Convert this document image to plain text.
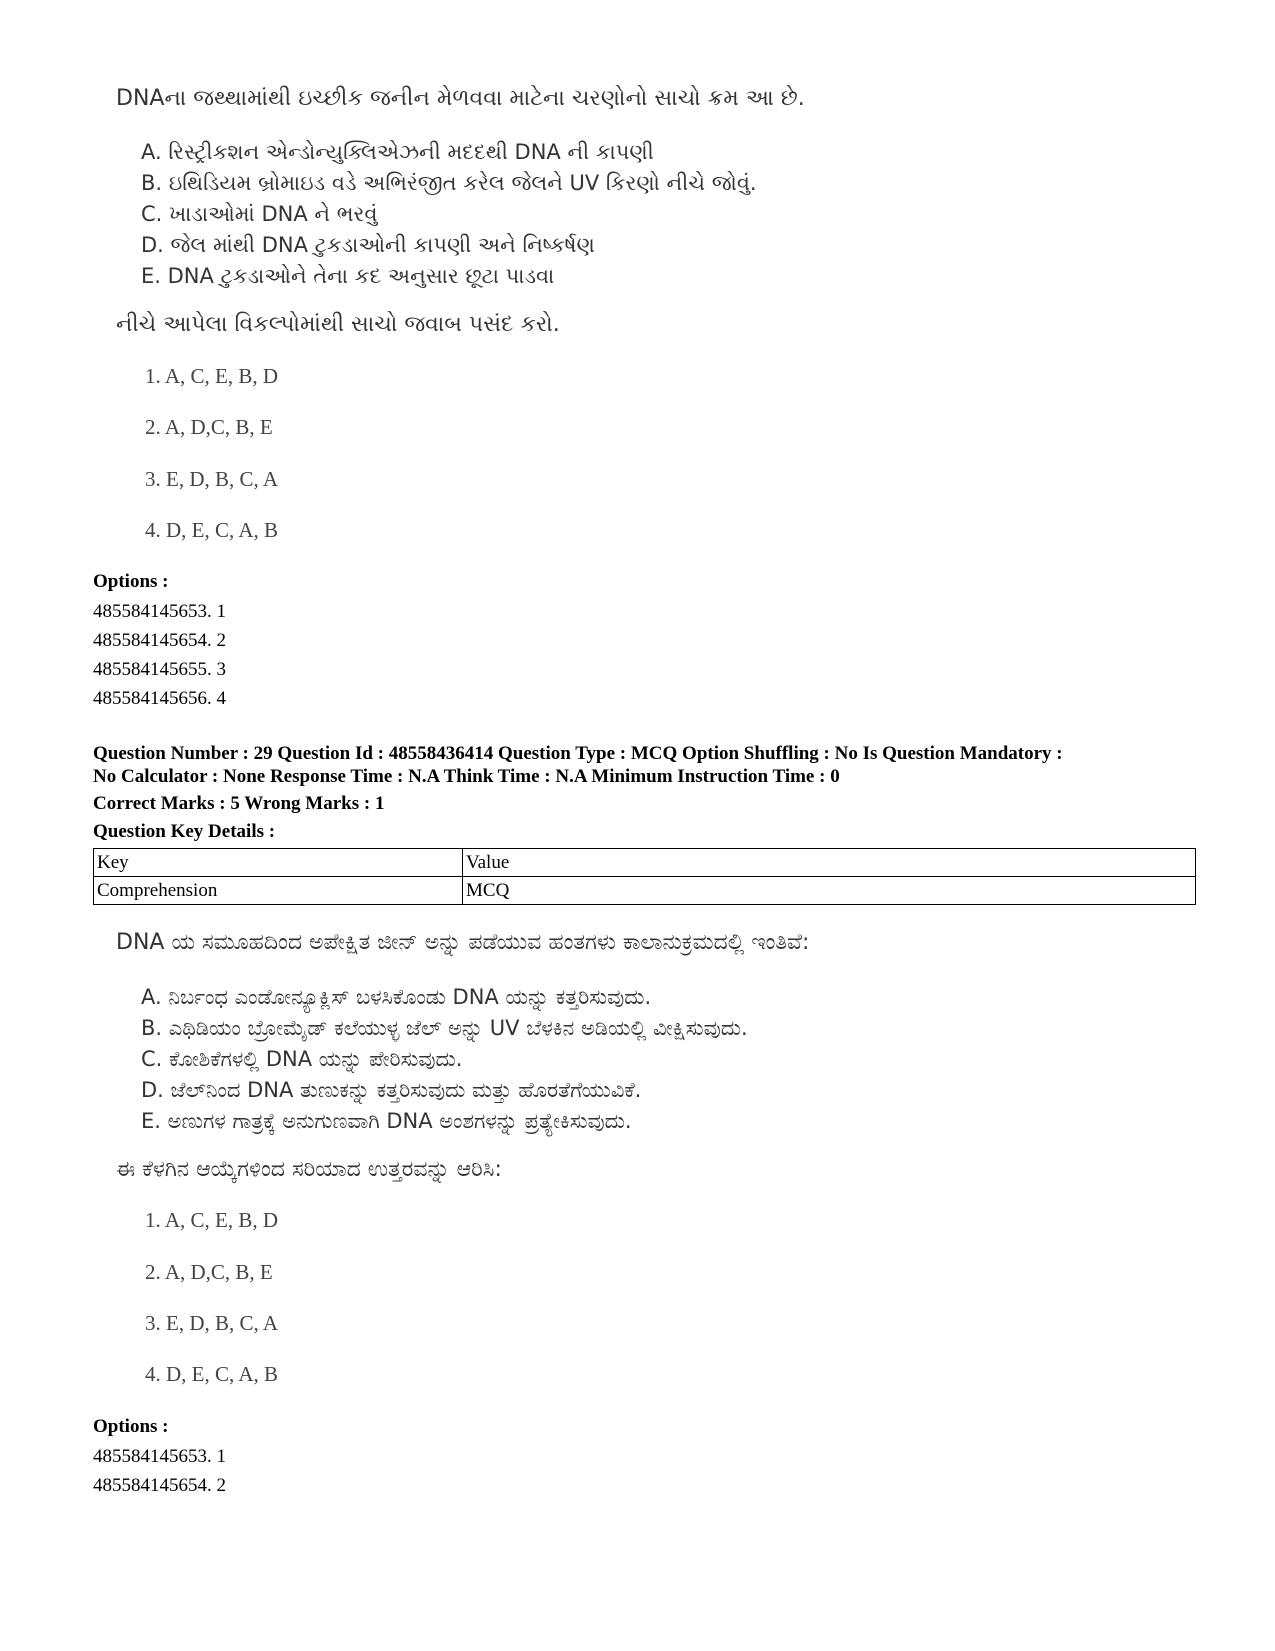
DNAના જથ્થામાંથી ઇચ્છીક જનીન મેળવવા માટેના ચરણોનો સાચો ક્રમ આ છે.
A. રિસ્ટ્રીકશન એન્ડોન્યુક્લિએઝની મદદથી DNA ની કાપણી
B. ઇથિડિયમ બ્રોમાઇડ વડે અભિરંજીત કરેલ જેલને UV કિરણો નીચે જોવું.
C. ખાડાઓમાં DNA ને ભરવું
D. જેલ માંથી DNA ટુકડાઓની કાપણી અને નિષ્કર્ષણ
E. DNA ટુકડાઓને તેના કદ અનુસાર છૂટા પાડવા
નીચે આપેલા વિકલ્પોમાંથી સાચો જવાબ પસંદ કરો.
1. A, C, E, B, D
2. A, D,C, B, E
3. E, D, B, C, A
4. D, E, C, A, B
Options :
485584145653. 1
485584145654. 2
485584145655. 3
485584145656. 4
Question Number : 29 Question Id : 48558436414 Question Type : MCQ Option Shuffling : No Is Question Mandatory :
No Calculator : None Response Time : N.A Think Time : N.A Minimum Instruction Time : 0
Correct Marks : 5 Wrong Marks : 1
Question Key Details :
Key	Value
Comprehension	MCQ
DNA ಯ ಸಮೂಹದಿಂದ ಅಪೇಕ್ಷಿತ ಜೀನ್ ಅನ್ನು ಪಡೆಯುವ ಹಂತಗಳು ಕಾಲಾನುಕ್ರಮದಲ್ಲಿ ಇಂತಿವೆ:
A. ನಿರ್ಬಂಧ ಎಂಡೋನ್ಯೂಕ್ಲಿಸ್ ಬಳಸಿಕೊಂಡು DNA ಯನ್ನು ಕತ್ತರಿಸುವುದು.
B. ಎಥಿಡಿಯಂ ಬ್ರೋಮೈಡ್ ಕಲೆಯುಳ್ಳ ಜೆಲ್ ಅನ್ನು UV ಬೆಳಕಿನ ಅಡಿಯಲ್ಲಿ ವೀಕ್ಷಿಸುವುದು.
C. ಕೋಶಿಕೆಗಳಲ್ಲಿ DNA ಯನ್ನು ಪೇರಿಸುವುದು.
D. ಜೆಲ್‌ನಿಂದ DNA ತುಣುಕನ್ನು ಕತ್ತರಿಸುವುದು ಮತ್ತು ಹೊರತೆಗೆಯುವಿಕೆ.
E. ಅಣುಗಳ ಗಾತ್ರಕ್ಕೆ ಅನುಗುಣವಾಗಿ DNA ಅಂಶಗಳನ್ನು ಪ್ರತ್ಯೇಕಿಸುವುದು.
ಈ ಕೆಳಗಿನ ಆಯ್ಕೆಗಳಿಂದ ಸರಿಯಾದ ಉತ್ತರವನ್ನು ಆರಿಸಿ:
1. A, C, E, B, D
2. A, D,C, B, E
3. E, D, B, C, A
4. D, E, C, A, B
Options :
485584145653. 1
485584145654. 2
